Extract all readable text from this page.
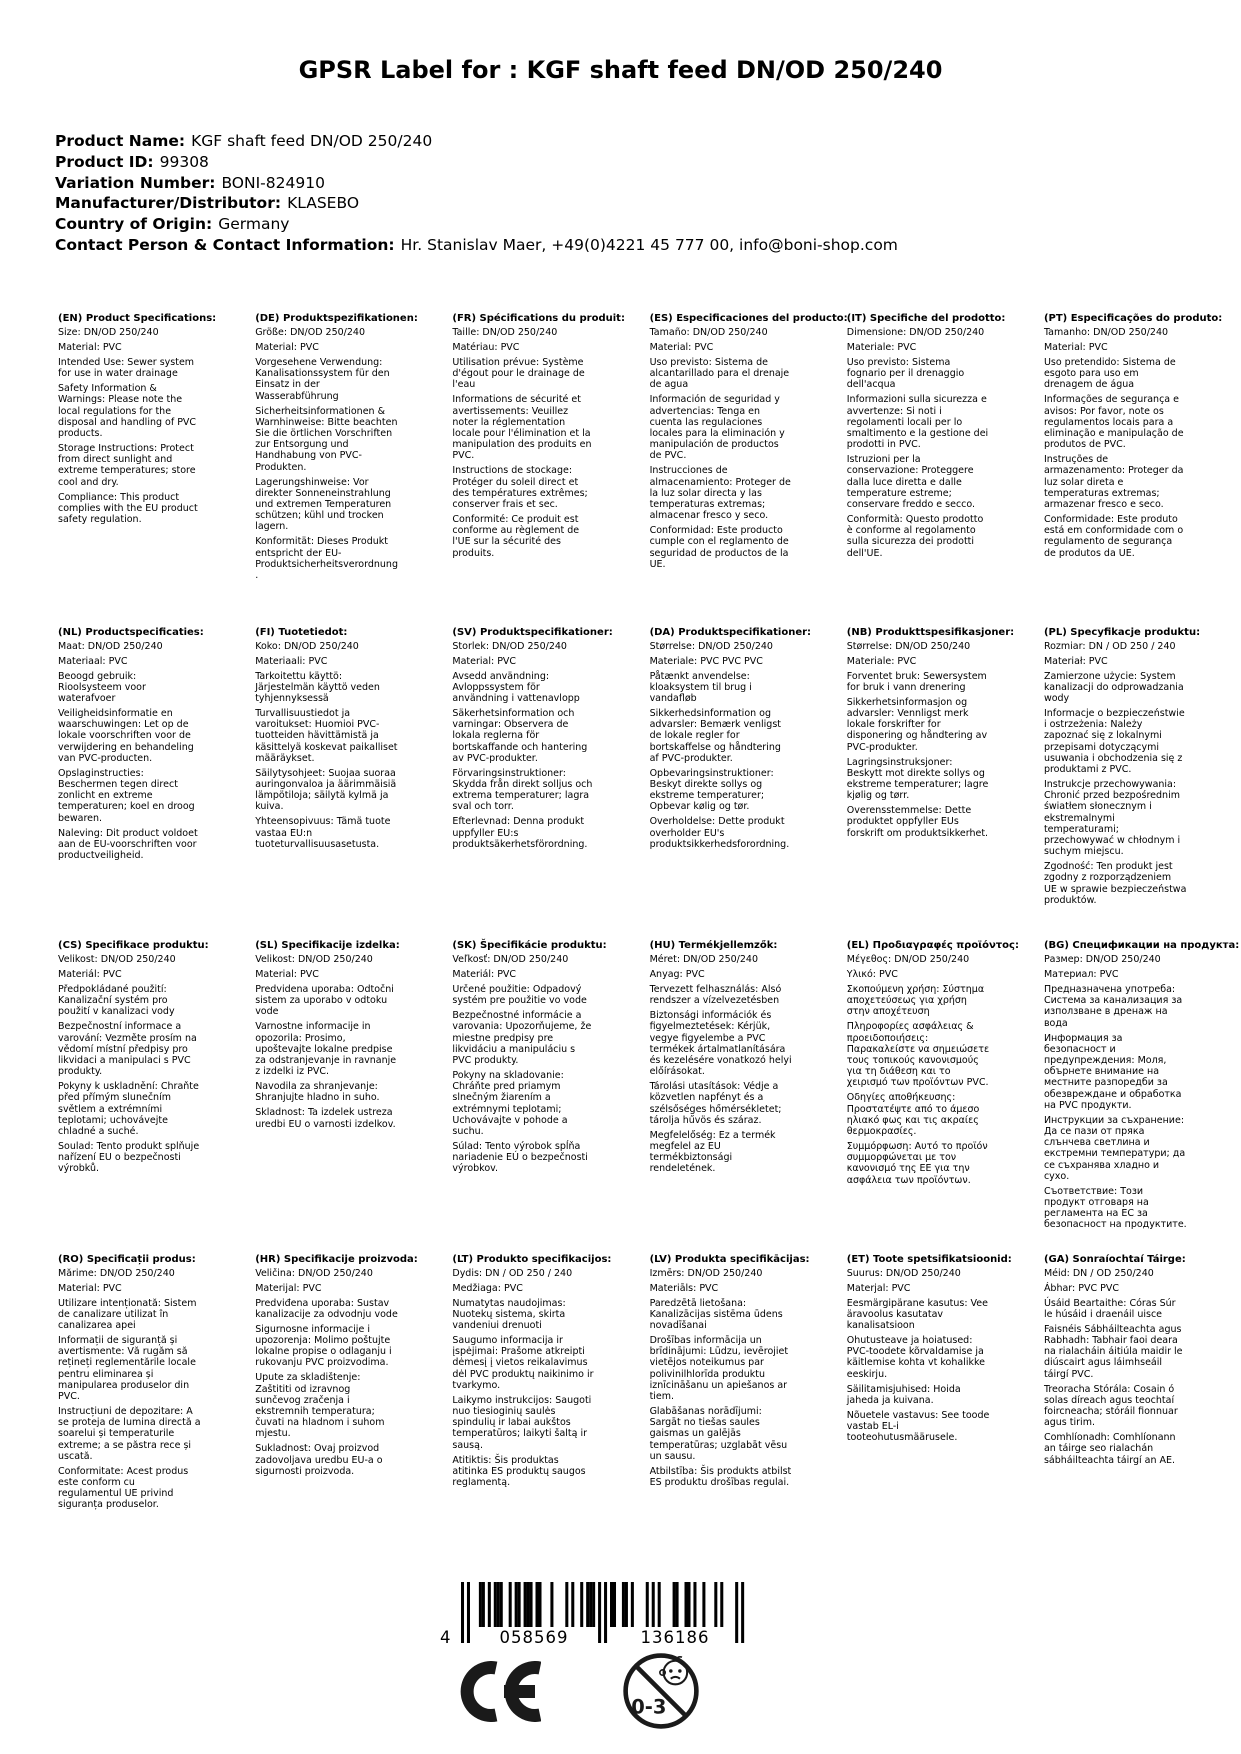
GPSR Label for : KGF shaft feed DN/OD 250/240
Product Name: KGF shaft feed DN/OD 250/240
Product ID: 99308
Variation Number: BONI-824910
Manufacturer/Distributor: KLASEBO
Country of Origin: Germany
Contact Person & Contact Information: Hr. Stanislav Maer, +49(0)4221 45 777 00, info@boni-shop.com
(EN) Product Specifications:

Size: DN/OD 250/240

Material: PVC

Intended Use: Sewer system for use in water drainage

Safety Information & Warnings: Please note the local regulations for the disposal and handling of PVC products.

Storage Instructions: Protect from direct sunlight and extreme temperatures; store cool and dry.

Compliance: This product complies with the EU product safety regulation.

(DE) Produktspezifikationen:

Größe: DN/OD 250/240

Material: PVC

Vorgesehene Verwendung: Kanalisationssystem für den Einsatz in der Wasserabführung

Sicherheitsinformationen & Warnhinweise: Bitte beachten Sie die örtlichen Vorschriften zur Entsorgung und Handhabung von PVC-Produkten.

Lagerungshinweise: Vor direkter Sonneneinstrahlung und extremen Temperaturen schützen; kühl und trocken lagern.

Konformität: Dieses Produkt entspricht der EU-Produktsicherheitsverordnung.

(FR) Spécifications du produit:

Taille: DN/OD 250/240

Matériau: PVC

Utilisation prévue: Système d'égout pour le drainage de l'eau

Informations de sécurité et avertissements: Veuillez noter la réglementation locale pour l'élimination et la manipulation des produits en PVC.

Instructions de stockage: Protéger du soleil direct et des températures extrêmes; conserver frais et sec.

Conformité: Ce produit est conforme au règlement de l'UE sur la sécurité des produits.

(ES) Especificaciones del producto:

Tamaño: DN/OD 250/240

Material: PVC

Uso previsto: Sistema de alcantarillado para el drenaje de agua

Información de seguridad y advertencias: Tenga en cuenta las regulaciones locales para la eliminación y manipulación de productos de PVC.

Instrucciones de almacenamiento: Proteger de la luz solar directa y las temperaturas extremas; almacenar fresco y seco.

Conformidad: Este producto cumple con el reglamento de seguridad de productos de la UE.

(IT) Specifiche del prodotto:

Dimensione: DN/OD 250/240

Materiale: PVC

Uso previsto: Sistema fognario per il drenaggio dell'acqua

Informazioni sulla sicurezza e avvertenze: Si noti i regolamenti locali per lo smaltimento e la gestione dei prodotti in PVC.

Istruzioni per la conservazione: Proteggere dalla luce diretta e dalle temperature estreme; conservare freddo e secco.

Conformità: Questo prodotto è conforme al regolamento sulla sicurezza dei prodotti dell'UE.

(PT) Especificações do produto:

Tamanho: DN/OD 250/240

Material: PVC

Uso pretendido: Sistema de esgoto para uso em drenagem de água

Informações de segurança e avisos: Por favor, note os regulamentos locais para a eliminação e manipulação de produtos de PVC.

Instruções de armazenamento: Proteger da luz solar direta e temperaturas extremas; armazenar fresco e seco.

Conformidade: Este produto está em conformidade com o regulamento de segurança de produtos da UE.

(NL) Productspecificaties:

Maat: DN/OD 250/240

Materiaal: PVC

Beoogd gebruik: Rioolsysteem voor waterafvoer

Veiligheidsinformatie en waarschuwingen: Let op de lokale voorschriften voor de verwijdering en behandeling van PVC-producten.

Opslaginstructies: Beschermen tegen direct zonlicht en extreme temperaturen; koel en droog bewaren.

Naleving: Dit product voldoet aan de EU-voorschriften voor productveiligheid.

(FI) Tuotetiedot:

Koko: DN/OD 250/240

Materiaali: PVC

Tarkoitettu käyttö: Järjestelmän käyttö veden tyhjennyksessä

Turvallisuustiedot ja varoitukset: Huomioi PVC-tuotteiden hävittämistä ja käsittelyä koskevat paikalliset määräykset.

Säilytysohjeet: Suojaa suoraa auringonvaloa ja äärimmäisiä lämpötiloja; säilytä kylmä ja kuiva.

Yhteensopivuus: Tämä tuote vastaa EU:n tuoteturvallisuusasetusta.

(SV) Produktspecifikationer:

Storlek: DN/OD 250/240

Material: PVC

Avsedd användning: Avloppssystem för användning i vattenavlopp

Säkerhetsinformation och varningar: Observera de lokala reglerna för bortskaffande och hantering av PVC-produkter.

Förvaringsinstruktioner: Skydda från direkt solljus och extrema temperaturer; lagra sval och torr.

Efterlevnad: Denna produkt uppfyller EU:s produktsäkerhetsförordning.

(DA) Produktspecifikationer:

Størrelse: DN/OD 250/240

Materiale: PVC PVC PVC

Påtænkt anvendelse: kloaksystem til brug i vandafløb

Sikkerhedsinformation og advarsler: Bemærk venligst de lokale regler for bortskaffelse og håndtering af PVC-produkter.

Opbevaringsinstruktioner: Beskyt direkte sollys og ekstreme temperaturer; Opbevar kølig og tør.

Overholdelse: Dette produkt overholder EU's produktsikkerhedsforordning.

(NB) Produkttspesifikasjoner:

Størrelse: DN/OD 250/240

Materiale: PVC

Forventet bruk: Sewersystem for bruk i vann drenering

Sikkerhetsinformasjon og advarsler: Vennligst merk lokale forskrifter for disponering og håndtering av PVC-produkter.

Lagringsinstruksjoner: Beskytt mot direkte sollys og ekstreme temperaturer; lagre kjølig og tørr.

Overensstemmelse: Dette produktet oppfyller EUs forskrift om produktsikkerhet.

(PL) Specyfikacje produktu:

Rozmiar: DN / OD 250 / 240

Materiał: PVC

Zamierzone użycie: System kanalizacji do odprowadzania wody

Informacje o bezpieczeństwie i ostrzeżenia: Należy zapoznać się z lokalnymi przepisami dotyczącymi usuwania i obchodzenia się z produktami z PVC.

Instrukcje przechowywania: Chronić przed bezpośrednim światłem słonecznym i ekstremalnymi temperaturami; przechowywać w chłodnym i suchym miejscu.

Zgodność: Ten produkt jest zgodny z rozporządzeniem UE w sprawie bezpieczeństwa produktów.

(CS) Specifikace produktu:

Velikost: DN/OD 250/240

Materiál: PVC

Předpokládané použití: Kanalizační systém pro použití v kanalizaci vody

Bezpečnostní informace a varování: Vezměte prosím na vědomí místní předpisy pro likvidaci a manipulaci s PVC produkty.

Pokyny k uskladnění: Chraňte před přímým slunečním světlem a extrémními teplotami; uchovávejte chladné a suché.

Soulad: Tento produkt splňuje nařízení EU o bezpečnosti výrobků.

(SL) Specifikacije izdelka:

Velikost: DN/OD 250/240

Material: PVC

Predvidena uporaba: Odtočni sistem za uporabo v odtoku vode

Varnostne informacije in opozorila: Prosimo, upoštevajte lokalne predpise za odstranjevanje in ravnanje z izdelki iz PVC.

Navodila za shranjevanje: Shranjujte hladno in suho.

Skladnost: Ta izdelek ustreza uredbi EU o varnosti izdelkov.

(SK) Špecifikácie produktu:

Veľkosť: DN/OD 250/240

Materiál: PVC

Určené použitie: Odpadový systém pre použitie vo vode

Bezpečnostné informácie a varovania: Upozorňujeme, že miestne predpisy pre likvidáciu a manipuláciu s PVC produkty.

Pokyny na skladovanie: Chráňte pred priamym slnečným žiarením a extrémnymi teplotami; Uchovávajte v pohode a suchu.

Súlad: Tento výrobok spĺňa nariadenie EÚ o bezpečnosti výrobkov.

(HU) Termékjellemzők:

Méret: DN/OD 250/240

Anyag: PVC

Tervezett felhasználás: Alsó rendszer a vízelvezetésben

Biztonsági információk és figyelmeztetések: Kérjük, vegye figyelembe a PVC termékek ártalmatlanítására és kezelésére vonatkozó helyi előírásokat.

Tárolási utasítások: Védje a közvetlen napfényt és a szélsőséges hőmérsékletet; tárolja hűvös és száraz.

Megfelelőség: Ez a termék megfelel az EU termékbiztonsági rendeletének.

(EL) Προδιαγραφές προϊόντος:

Μέγεθος: DN/OD 250/240

Υλικό: PVC

Σκοπούμενη χρήση: Σύστημα αποχετεύσεως για χρήση στην αποχέτευση

Πληροφορίες ασφάλειας & προειδοποιήσεις: Παρακαλείστε να σημειώσετε τους τοπικούς κανονισμούς για τη διάθεση και το χειρισμό των προϊόντων PVC.

Οδηγίες αποθήκευσης: Προστατέψτε από το άμεσο ηλιακό φως και τις ακραίες θερμοκρασίες.

Συμμόρφωση: Αυτό το προϊόν συμμορφώνεται με τον κανονισμό της ΕΕ για την ασφάλεια των προϊόντων.

(BG) Спецификации на продукта:

Размер: DN/OD 250/240

Материал: PVC

Предназначена употреба: Система за канализация за използване в дренаж на вода

Информация за безопасност и предупреждения: Моля, обърнете внимание на местните разпоредби за обезвреждане и обработка на PVC продукти.

Инструкции за съхранение: Да се пази от пряка слънчева светлина и екстремни температури; да се съхранява хладно и сухо.

Съответствие: Този продукт отговаря на регламента на ЕС за безопасност на продуктите.

(RO) Specificații produs:

Mărime: DN/OD 250/240

Material: PVC

Utilizare intenționată: Sistem de canalizare utilizat în canalizarea apei

Informații de siguranță și avertismente: Vă rugăm să rețineți reglementările locale pentru eliminarea și manipularea produselor din PVC.

Instrucțiuni de depozitare: A se proteja de lumina directă a soarelui și temperaturile extreme; a se păstra rece și uscată.

Conformitate: Acest produs este conform cu regulamentul UE privind siguranța produselor.

(HR) Specifikacije proizvoda:

Veličina: DN/OD 250/240

Materijal: PVC

Predviđena uporaba: Sustav kanalizacije za odvodnju vode

Sigurnosne informacije i upozorenja: Molimo poštujte lokalne propise o odlaganju i rukovanju PVC proizvodima.

Upute za skladištenje: Zaštititi od izravnog sunčevog zračenja i ekstremnih temperatura; čuvati na hladnom i suhom mjestu.

Sukladnost: Ovaj proizvod zadovoljava uredbu EU-a o sigurnosti proizvoda.

(LT) Produkto specifikacijos:

Dydis: DN / OD 250 / 240

Medžiaga: PVC

Numatytas naudojimas: Nuotekų sistema, skirta vandeniui drenuoti

Saugumo informacija ir įspėjimai: Prašome atkreipti dėmesį į vietos reikalavimus dėl PVC produktų naikinimo ir tvarkymo.

Laikymo instrukcijos: Saugoti nuo tiesioginių saulės spindulių ir labai aukštos temperatūros; laikyti šaltą ir sausą.

Atitiktis: Šis produktas atitinka ES produktų saugos reglamentą.

(LV) Produkta specifikācijas:

Izmērs: DN/OD 250/240

Materiāls: PVC

Paredzētā lietošana: Kanalizācijas sistēma ūdens novadīšanai

Drošības informācija un brīdinājumi: Lūdzu, ievērojiet vietējos noteikumus par polivinilhlorīda produktu iznīcināšanu un apiešanos ar tiem.

Glabāšanas norādījumi: Sargāt no tiešas saules gaismas un galējās temperatūras; uzglabāt vēsu un sausu.

Atbilstība: Šis produkts atbilst ES produktu drošības regulai.

(ET) Toote spetsifikatsioonid:

Suurus: DN/OD 250/240

Materjal: PVC

Eesmärgipärane kasutus: Vee äravoolus kasutatav kanalisatsioon

Ohutusteave ja hoiatused: PVC-toodete kõrvaldamise ja käitlemise kohta vt kohalikke eeskirju.

Säilitamisjuhised: Hoida jaheda ja kuivana.

Nõuetele vastavus: See toode vastab EL-i tooteohutusmäärusele.

(GA) Sonraíochtaí Táirge:

Méid: DN / OD 250/240

Ábhar: PVC PVC

Úsáid Beartaithe: Córas Súr le húsáid i draenáil uisce

Faisnéis Sábháilteachta agus Rabhadh: Tabhair faoi deara na rialacháin áitiúla maidir le diúscairt agus láimhseáil táirgí PVC.

Treoracha Stórála: Cosain ó solas díreach agus teochtaí foircneacha; stóráil fionnuar agus tirim.

Comhlíonadh: Comhlíonann an táirge seo rialachán sábháilteachta táirgí an AE.

4	058569	136186
0-3
